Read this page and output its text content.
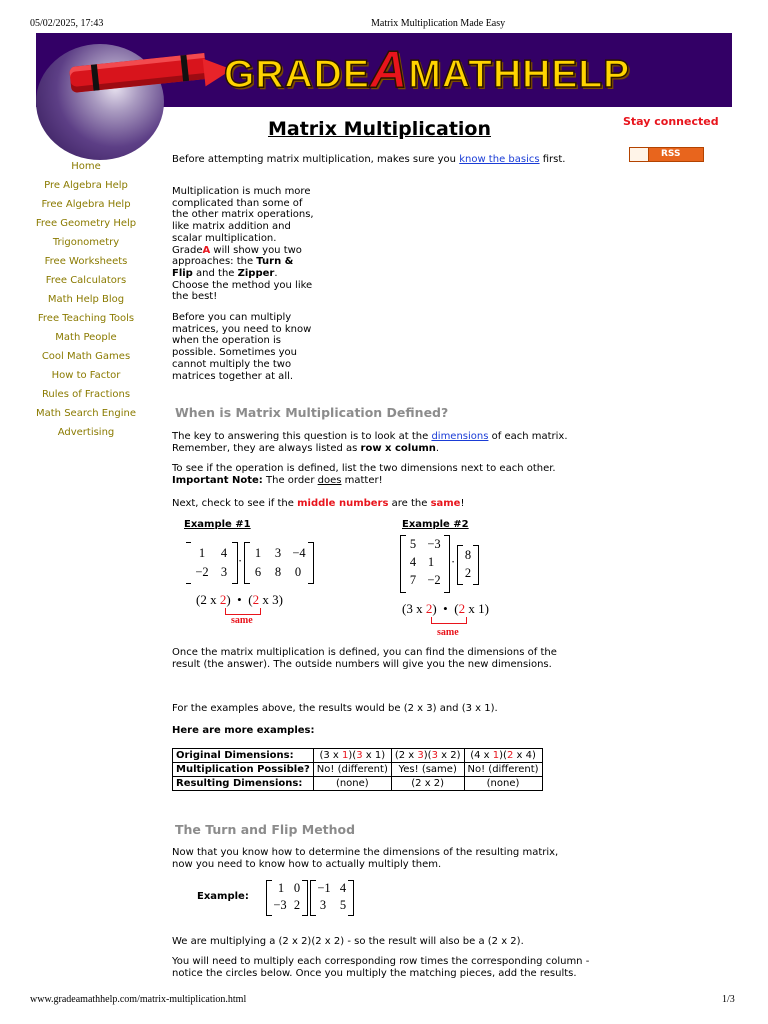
05/02/2025, 17:43	Matrix Multiplication Made Easy
www.gradeamathhelp.com/matrix-multiplication.html	1/3
GRADEAMATHHELP
Matrix Multiplication	Stay connected
RSS
Home
Pre Algebra Help
Free Algebra Help
Free Geometry Help
Trigonometry
Free Worksheets
Free Calculators
Math Help Blog
Free Teaching Tools
Math People
Cool Math Games
How to Factor
Rules of Fractions
Math Search Engine
Advertising
Before attempting matrix multiplication, makes sure you know the basics first.
Multiplication is much more
complicated than some of
the other matrix operations,
like matrix addition and
scalar multiplication.
GradeA will show you two
approaches: the Turn &
Flip and the Zipper.
Choose the method you like
the best!
Before you can multiply
matrices, you need to know
when the operation is
possible. Sometimes you
cannot multiply the two
matrices together at all.
When is Matrix Multiplication Defined?
The key to answering this question is to look at the dimensions of each matrix.
Remember, they are always listed as row x column.
To see if the operation is defined, list the two dimensions next to each other.
Important Note: The order does matter!
Next, check to see if the middle numbers are the same!
Example #1
1	4
−2 3
·
1	3 −4
6	8	0
(2 x 2)  •  (2 x 3)
same
Example #2
5 −3
4 1
7 −2
· 8
2
(3 x 2)  •  (2 x 1)
same
Once the matrix multiplication is defined, you can find the dimensions of the
result (the answer). The outside numbers will give you the new dimensions.
For the examples above, the results would be (2 x 3) and (3 x 1).
Here are more examples:
Original Dimensions:	(3 x 1)(3 x 1)	(2 x 3)(3 x 2)	(4 x 1)(2 x 4)
Multiplication Possible?	No! (different)	Yes! (same)	No! (different)
Resulting Dimensions:	(none)	(2 x 2)	(none)
The Turn and Flip Method
Now that you know how to determine the dimensions of the resulting matrix,
now you need to know how to actually multiply them.
Example:
1 0
−3 2
−1 4
3	5
We are multiplying a (2 x 2)(2 x 2) - so the result will also be a (2 x 2).
You will need to multiply each corresponding row times the corresponding column -
notice the circles below. Once you multiply the matching pieces, add the results.
